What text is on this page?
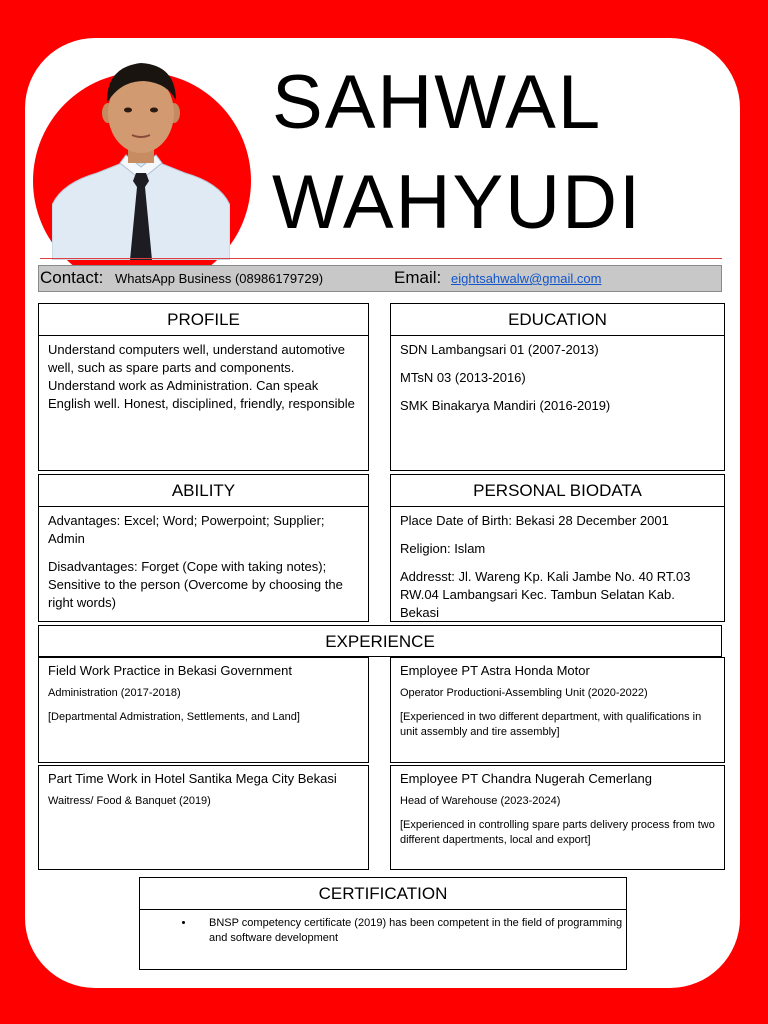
SAHWAL
WAHYUDI
Contact: WhatsApp Business (08986179729)	Email: eightsahwalw@gmail.com
PROFILE

Understand computers well, understand automotive well, such as spare parts and components. Understand work as Administration. Can speak English well. Honest, disciplined, friendly, responsible

EDUCATION

SDN Lambangsari 01 (2007-2013)

MTsN 03 (2013-2016)

SMK Binakarya Mandiri (2016-2019)

ABILITY

Advantages: Excel; Word; Powerpoint; Supplier; Admin

Disadvantages: Forget (Cope with taking notes); Sensitive to the person (Overcome by choosing the right words)

PERSONAL BIODATA

Place Date of Birth: Bekasi 28 December 2001

Religion: Islam

Addresst: Jl. Wareng Kp. Kali Jambe No. 40 RT.03 RW.04 Lambangsari Kec. Tambun Selatan Kab. Bekasi

EXPERIENCE

Field Work Practice in Bekasi Government

Administration (2017-2018)

[Departmental Admistration, Settlements, and Land]

Employee PT Astra Honda Motor

Operator Productioni-Assembling Unit (2020-2022)

[Experienced in two different department, with qualifications in unit assembly and tire assembly]

Part Time Work in Hotel Santika Mega City Bekasi

Waitress/ Food & Banquet (2019)

Employee PT Chandra Nugerah Cemerlang

Head of Warehouse (2023-2024)

[Experienced in controlling spare parts delivery process from two different dapertments, local and export]

CERTIFICATION
• BNSP competency certificate (2019) has been competent in the field of programming and software development
